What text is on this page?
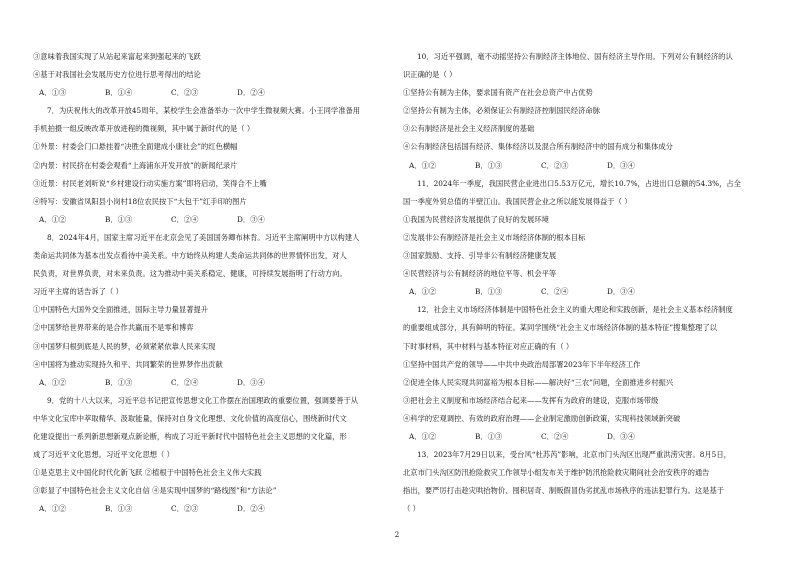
③意味着我国实现了从站起来富起来到强起来的飞跃
④基于对我国社会发展历史方位进行思考得出的结论
A．①③	B．①④	C．②③	D．②④
7．为庆祝伟大的改革开放45周年，某校学生会准备举办一次中学生微视频大赛。小王同学准备用
手机拍摄一组反映改革开放进程的微视频，其中属于新时代的是（ ）
①外景：村委会门口悬挂着“决胜全面建成小康社会”的红色横幅
②内景：村民挤在村委会观看“上海浦东开发开放”的新闻纪录片
③近景：村民老刘听说“乡村建设行动实施方案”即将启动，笑得合不上嘴
④特写：安徽省凤阳县小岗村18位农民按下“大包干”红手印的图片
A．①②	B．①③	C．②④	D．③④
8．2024年4月，国家主席习近平在北京会见了美国国务卿布林肯。习近平主席阐明中方以构建人
类命运共同体为基本出发点看待中美关系。中方始终从构建人类命运共同体的世界情怀出发，对人
民负责，对世界负责，对未来负责。这为推动中美关系稳定、健康，可持续发展指明了行动方向。
习近平主席的话告诉了（ ）
①中国特色大国外交全面推进，国际主导力量显著提升
②中国梦给世界带来的是合作共赢而不是零和博弈
③中国梦归根到底是人民的梦，必须紧紧依靠人民来实现
④中国将为推动实现持久和平、共同繁荣的世界梦作出贡献
A．①②	B．①③	C．②④	D．③④
9．党的十八大以来，习近平总书记把宣传思想文化工作摆在治国理政的重要位置，强调要善于从
中华文化宝库中萃取精华、汲取能量，保持对自身文化理想、文化价值的高度信心，围绕新时代文
化建设提出一系列新思想新观点新论断，构成了习近平新时代中国特色社会主义思想的文化篇，形
成了习近平文化思想。习近平文化思想（ ）
①是克思主义中国化时代化新飞跃 ②植根于中国特色社会主义伟大实践
③彰显了中国特色社会主义文化自信 ④是实现中国梦的“路线图”和“方法论”
A．①②	B．①③	C．②③	D．②④
10．习近平强调，毫不动摇坚持公有制经济主体地位、国有经济主导作用。下列对公有制经济的认
识正确的是（ ）
①坚持公有制为主体，要求国有资产在社会总资产中占优势
②坚持公有制为主体，必须保证公有制经济控制国民经济命脉
③公有制经济是社会主义经济制度的基础
④公有制经济包括国有经济、集体经济以及混合所有制经济中的国有成分和集体成分
A．①②	B．①③	C．②③	D．③④
11．2024年一季度，我国民营企业进出口5.53万亿元，增长10.7%，占进出口总额的54.3%，占全
国一季度外贸总值的半壁江山。我国民营企业之所以能发展得益于（ ）
①我国为民营经济发展提供了良好的发展环境
②发展非公有制经济是社会主义市场经济体制的根本目标
③国家鼓励、支持、引导非公有制经济健康发展
④民营经济与公有制经济的地位平等、机会平等
A．①②	B．①③	C．②④	D．③④
12．社会主义市场经济体制是中国特色社会主义的重大理论和实践创新，是社会主义基本经济制度
的重要组成部分，具有鲜明的特征。某同学围绕“社会主义市场经济体制的基本特征”搜集整理了以
下时事材料，其中材料与基本特征对应正确的有（ ）
①坚持中国共产党的领导——中共中央政治局部署2023年下半年经济工作
②促进全体人民实现共同富裕为根本目标——解决好“三农”问题，全面推进乡村振兴
③把社会主义制度和市场经济结合起来——发挥有为政府的建设，克服市场带级
④科学的宏观调控、有效的政府治理——企业制定激励创新政策，实现科技领域新突破
A．①②	B．①③	C．②④	D．③④
13．2023年7月29日以来，受台风“杜苏芮”影响，北京市门头沟区出现严重洪涝灾害。8月5日，
北京市门头沟区防汛抢险救灾工作领导小组发布关于维护防汛抢险救灾期间社会治安秩序的通告
指出，要严厉打击趁灾哄抬物价、囤积居奇、制贩假冒伪劣扰乱市场秩序的违法犯罪行为。这是基于
（ ）
2
